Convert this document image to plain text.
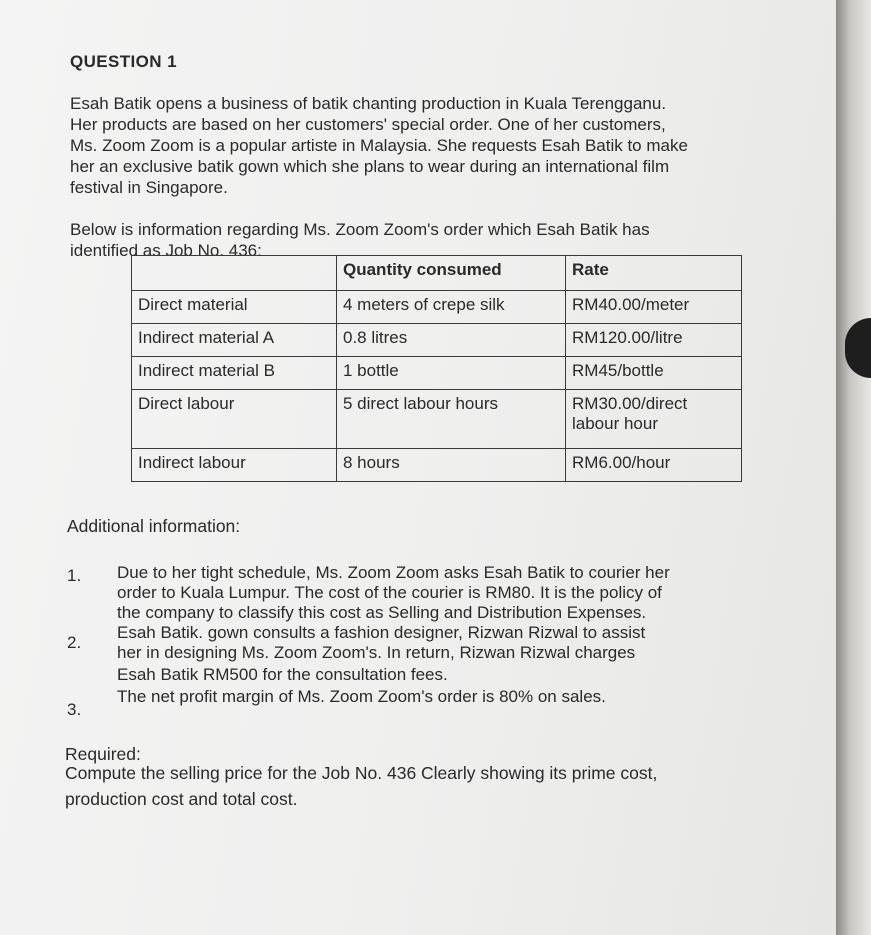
QUESTION 1
Esah Batik opens a business of batik chanting production in Kuala Terengganu.
Her products are based on her customers' special order. One of her customers,
Ms. Zoom Zoom is a popular artiste in Malaysia. She requests Esah Batik to make
her an exclusive batik gown which she plans to wear during an international film
festival in Singapore.
Below is information regarding Ms. Zoom Zoom's order which Esah Batik has
identified as Job No. 436:
	Quantity consumed	Rate
Direct material	4 meters of crepe silk	RM40.00/meter
Indirect material A	0.8 litres	RM120.00/litre
Indirect material B	1 bottle	RM45/bottle
Direct labour	5 direct labour hours	RM30.00/direct labour hour
Indirect labour	8 hours	RM6.00/hour
Additional information:
1. Due to her tight schedule, Ms. Zoom Zoom asks Esah Batik to courier her
order to Kuala Lumpur. The cost of the courier is RM80. It is the policy of
the company to classify this cost as Selling and Distribution Expenses.
2.
Esah Batik. gown consults a fashion designer, Rizwan Rizwal to assist
her in designing Ms. Zoom Zoom's. In return, Rizwan Rizwal charges
Esah Batik RM500 for the consultation fees.
3.
The net profit margin of Ms. Zoom Zoom's order is 80% on sales.
Required:
Compute the selling price for the Job No. 436 Clearly showing its prime cost,
production cost and total cost.
